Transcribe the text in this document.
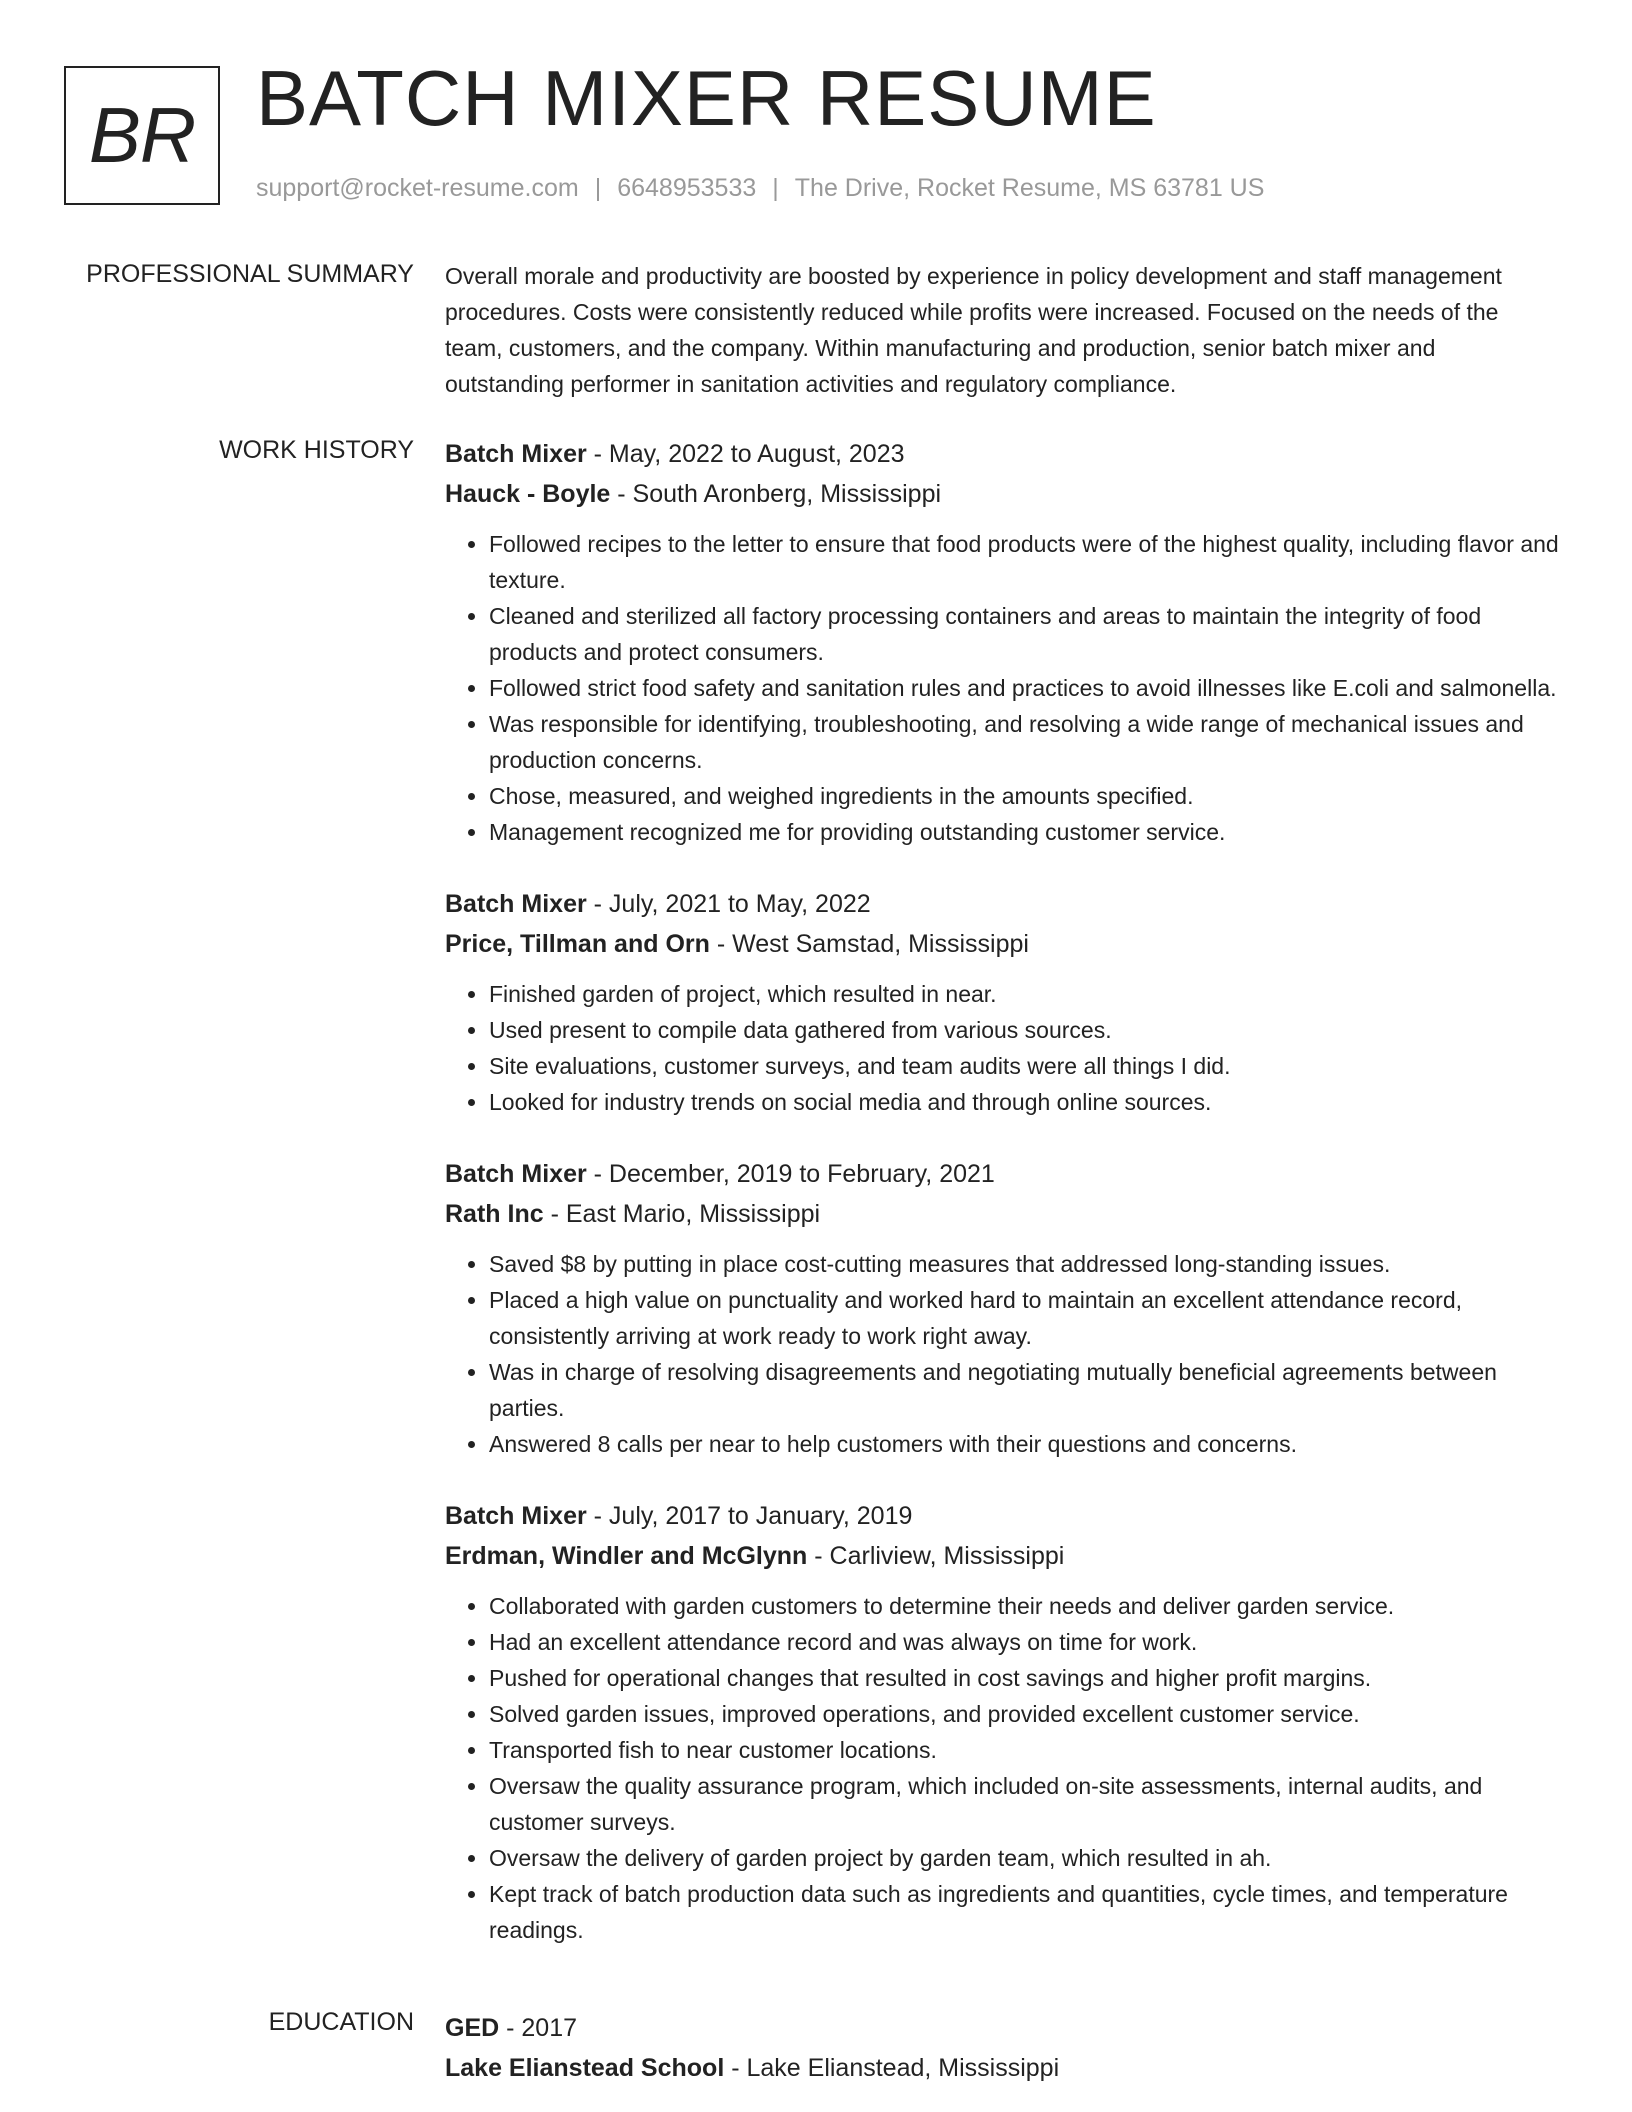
BR BATCH MIXER RESUME
support@rocket-resume.com | 6648953533 | The Drive, Rocket Resume, MS 63781 US
PROFESSIONAL SUMMARY Overall morale and productivity are boosted by experience in policy development and staff management procedures. Costs were consistently reduced while profits were increased. Focused on the needs of the team, customers, and the company. Within manufacturing and production, senior batch mixer and outstanding performer in sanitation activities and regulatory compliance.

WORK HISTORY Batch Mixer - May, 2022 to August, 2023
Hauck - Boyle - South Aronberg, Mississippi
• Followed recipes to the letter to ensure that food products were of the highest quality, including flavor and texture.
• Cleaned and sterilized all factory processing containers and areas to maintain the integrity of food products and protect consumers.
• Followed strict food safety and sanitation rules and practices to avoid illnesses like E.coli and salmonella.
• Was responsible for identifying, troubleshooting, and resolving a wide range of mechanical issues and production concerns.
• Chose, measured, and weighed ingredients in the amounts specified.
• Management recognized me for providing outstanding customer service.
Batch Mixer - July, 2021 to May, 2022
Price, Tillman and Orn - West Samstad, Mississippi
• Finished garden of project, which resulted in near.
• Used present to compile data gathered from various sources.
• Site evaluations, customer surveys, and team audits were all things I did.
• Looked for industry trends on social media and through online sources.
Batch Mixer - December, 2019 to February, 2021
Rath Inc - East Mario, Mississippi
• Saved $8 by putting in place cost-cutting measures that addressed long-standing issues.
• Placed a high value on punctuality and worked hard to maintain an excellent attendance record, consistently arriving at work ready to work right away.
• Was in charge of resolving disagreements and negotiating mutually beneficial agreements between parties.
• Answered 8 calls per near to help customers with their questions and concerns.
Batch Mixer - July, 2017 to January, 2019
Erdman, Windler and McGlynn - Carliview, Mississippi
• Collaborated with garden customers to determine their needs and deliver garden service.
• Had an excellent attendance record and was always on time for work.
• Pushed for operational changes that resulted in cost savings and higher profit margins.
• Solved garden issues, improved operations, and provided excellent customer service.
• Transported fish to near customer locations.
• Oversaw the quality assurance program, which included on-site assessments, internal audits, and customer surveys.
• Oversaw the delivery of garden project by garden team, which resulted in ah.
• Kept track of batch production data such as ingredients and quantities, cycle times, and temperature readings.
EDUCATION GED - 2017
Lake Elianstead School - Lake Elianstead, Mississippi
